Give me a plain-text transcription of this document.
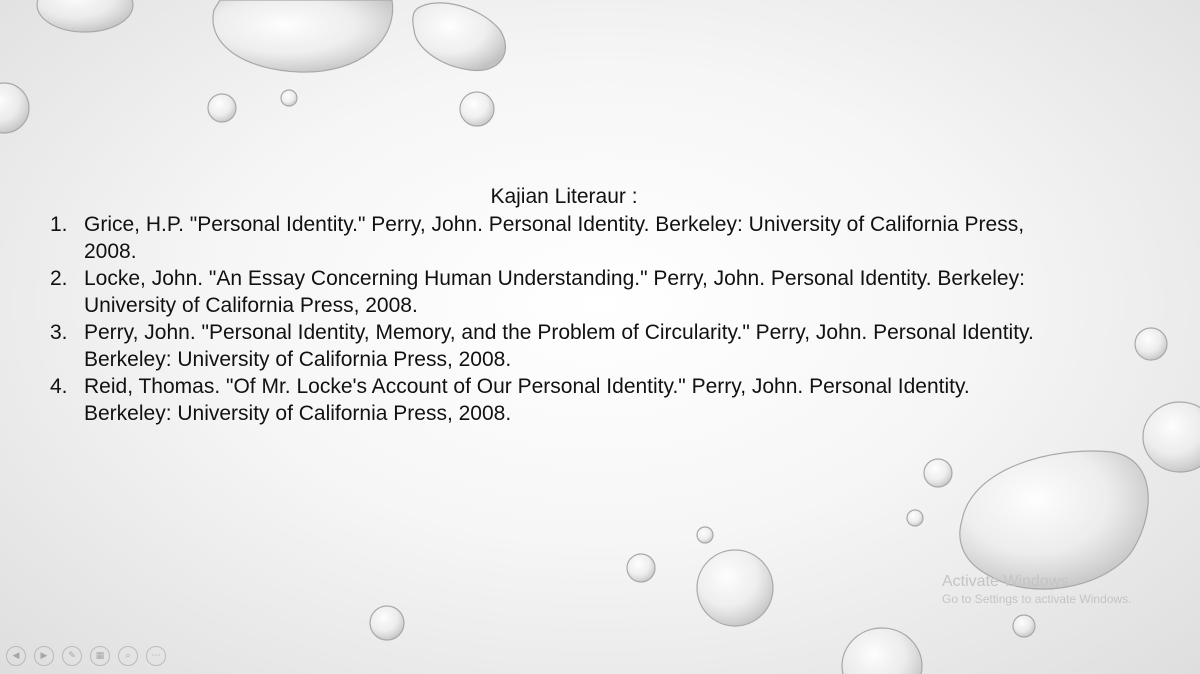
Kajian Literaur :
1. Grice, H.P. "Personal Identity." Perry, John. Personal Identity. Berkeley: University of California Press, 2008.
2. Locke, John. "An Essay Concerning Human Understanding." Perry, John. Personal Identity. Berkeley: University of California Press, 2008.
3. Perry, John. "Personal Identity, Memory, and the Problem of Circularity." Perry, John. Personal Identity. Berkeley: University of California Press, 2008.
4. Reid, Thomas. "Of Mr. Locke's Account of Our Personal Identity." Perry, John. Personal Identity. Berkeley: University of California Press, 2008.
Activate Windows
Go to Settings to activate Windows.
◀	▶	✎	▦	⌕	⋯
